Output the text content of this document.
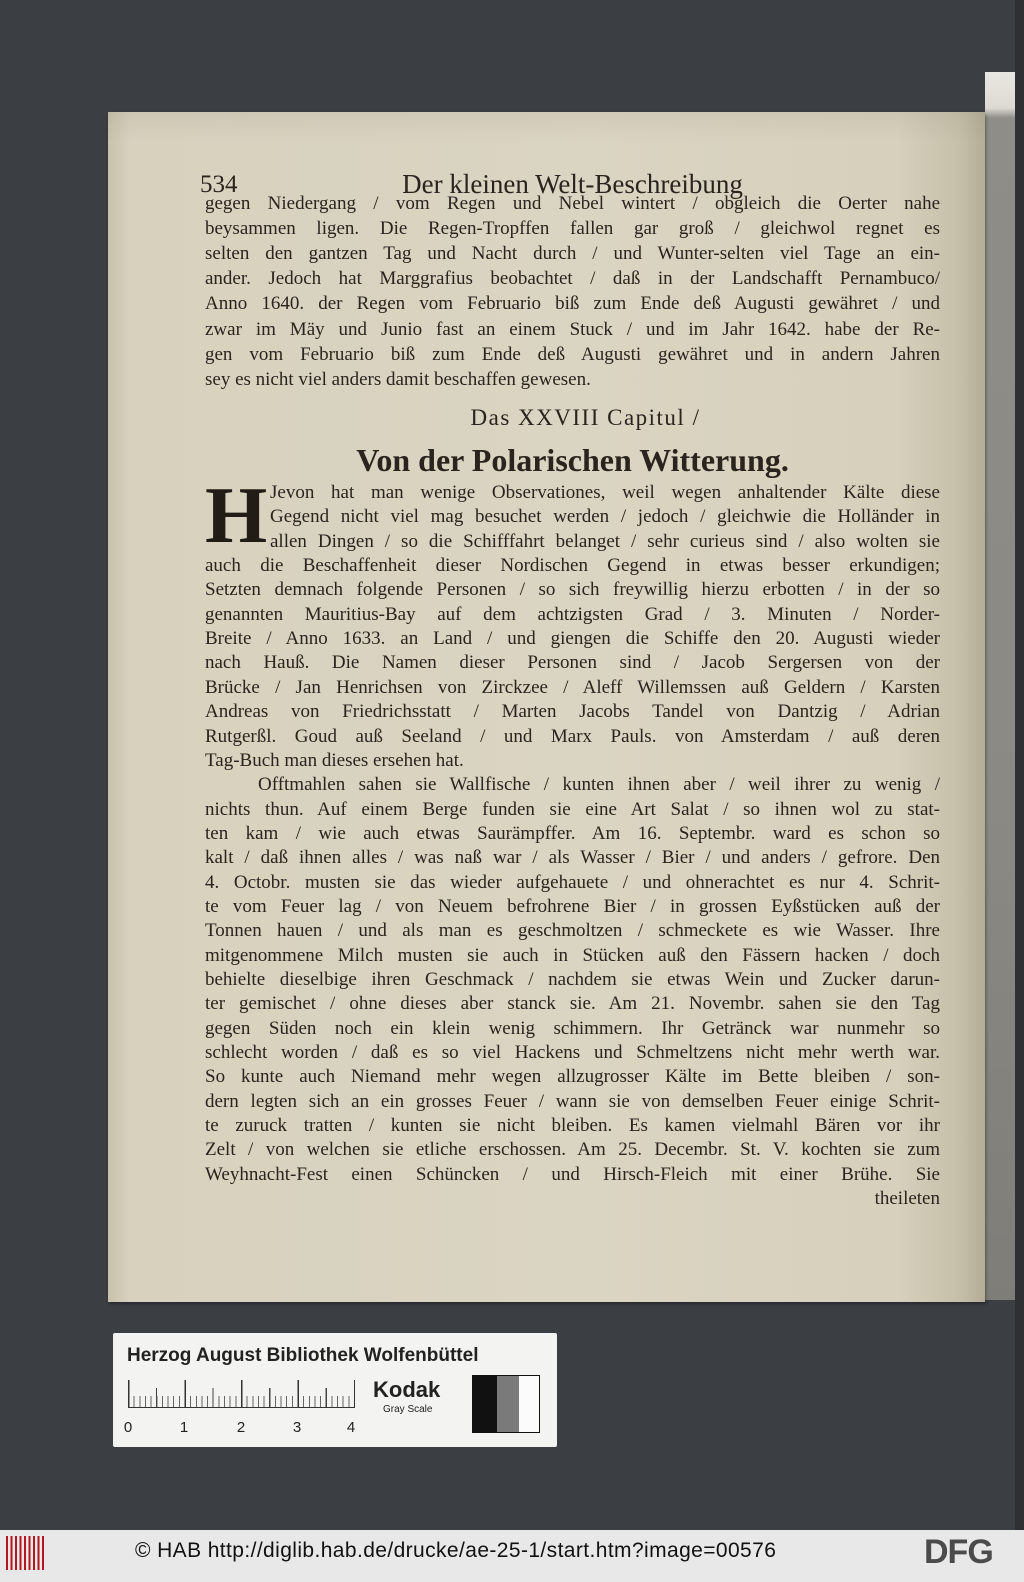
534	Der kleinen Welt-Beschreibung
Das XXVIII Capitul /
Von der Polarischen Witterung.
H
gegen Niedergang / vom Regen und Nebel wintert / obgleich die Oerter nahe
beysammen ligen. Die Regen-Tropffen fallen gar groß / gleichwol regnet es
selten den gantzen Tag und Nacht durch / und Wunter-selten viel Tage an ein-
ander. Jedoch hat Marggrafius beobachtet / daß in der Landschafft Pernambuco/
Anno 1640. der Regen vom Februario biß zum Ende deß Augusti gewähret / und
zwar im Mäy und Junio fast an einem Stuck / und im Jahr 1642. habe der Re-
gen vom Februario biß zum Ende deß Augusti gewähret und in andern Jahren
sey es nicht viel anders damit beschaffen gewesen.
Jevon hat man wenige Observationes, weil wegen anhaltender Kälte diese
Gegend nicht viel mag besuchet werden / jedoch / gleichwie die Holländer in
allen Dingen / so die Schifffahrt belanget / sehr curieus sind / also wolten sie
auch die Beschaffenheit dieser Nordischen Gegend in etwas besser erkundigen;
Setzten demnach folgende Personen / so sich freywillig hierzu erbotten / in der so
genannten Mauritius-Bay auf dem achtzigsten Grad / 3. Minuten / Norder-
Breite / Anno 1633. an Land / und giengen die Schiffe den 20. Augusti wieder
nach Hauß. Die Namen dieser Personen sind / Jacob Sergersen von der
Brücke / Jan Henrichsen von Zirckzee / Aleff Willemssen auß Geldern / Karsten
Andreas von Friedrichsstatt / Marten Jacobs Tandel von Dantzig / Adrian
Rutgerßl. Goud auß Seeland / und Marx Pauls. von Amsterdam / auß deren
Tag-Buch man dieses ersehen hat.
Offtmahlen sahen sie Wallfische / kunten ihnen aber / weil ihrer zu wenig /
nichts thun. Auf einem Berge funden sie eine Art Salat / so ihnen wol zu stat-
ten kam / wie auch etwas Saurämpffer. Am 16. Septembr. ward es schon so
kalt / daß ihnen alles / was naß war / als Wasser / Bier / und anders / gefrore. Den
4. Octobr. musten sie das wieder aufgehauete / und ohnerachtet es nur 4. Schrit-
te vom Feuer lag / von Neuem befrohrene Bier / in grossen Eyßstücken auß der
Tonnen hauen / und als man es geschmoltzen / schmeckete es wie Wasser. Ihre
mitgenommene Milch musten sie auch in Stücken auß den Fässern hacken / doch
behielte dieselbige ihren Geschmack / nachdem sie etwas Wein und Zucker darun-
ter gemischet / ohne dieses aber stanck sie. Am 21. Novembr. sahen sie den Tag
gegen Süden noch ein klein wenig schimmern. Ihr Getränck war nunmehr so
schlecht worden / daß es so viel Hackens und Schmeltzens nicht mehr werth war.
So kunte auch Niemand mehr wegen allzugrosser Kälte im Bette bleiben / son-
dern legten sich an ein grosses Feuer / wann sie von demselben Feuer einige Schrit-
te zuruck tratten / kunten sie nicht bleiben. Es kamen vielmahl Bären vor ihr
Zelt / von welchen sie etliche erschossen. Am 25. Decembr. St. V. kochten sie zum
Weyhnacht-Fest einen Schüncken / und Hirsch-Fleich mit einer Brühe. Sie
theileten
Herzog August Bibliothek Wolfenbüttel
0	1	2	3	4
Kodak
Gray Scale
© HAB http://diglib.hab.de/drucke/ae-25-1/start.htm?image=00576	DFG
